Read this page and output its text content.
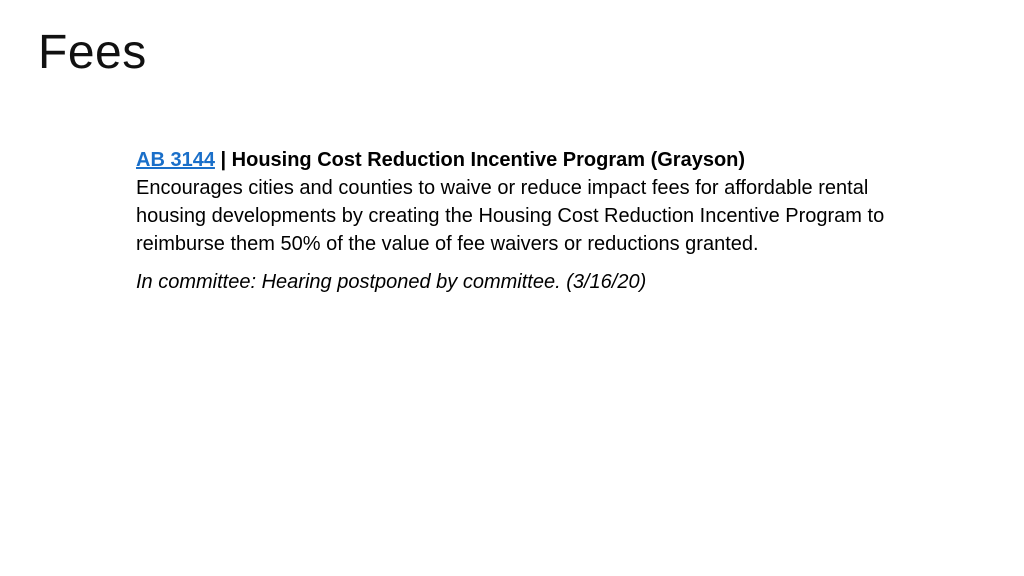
Fees
AB 3144 | Housing Cost Reduction Incentive Program (Grayson)
Encourages cities and counties to waive or reduce impact fees for affordable rental housing developments by creating the Housing Cost Reduction Incentive Program to reimburse them 50% of the value of fee waivers or reductions granted.
In committee: Hearing postponed by committee. (3/16/20)
